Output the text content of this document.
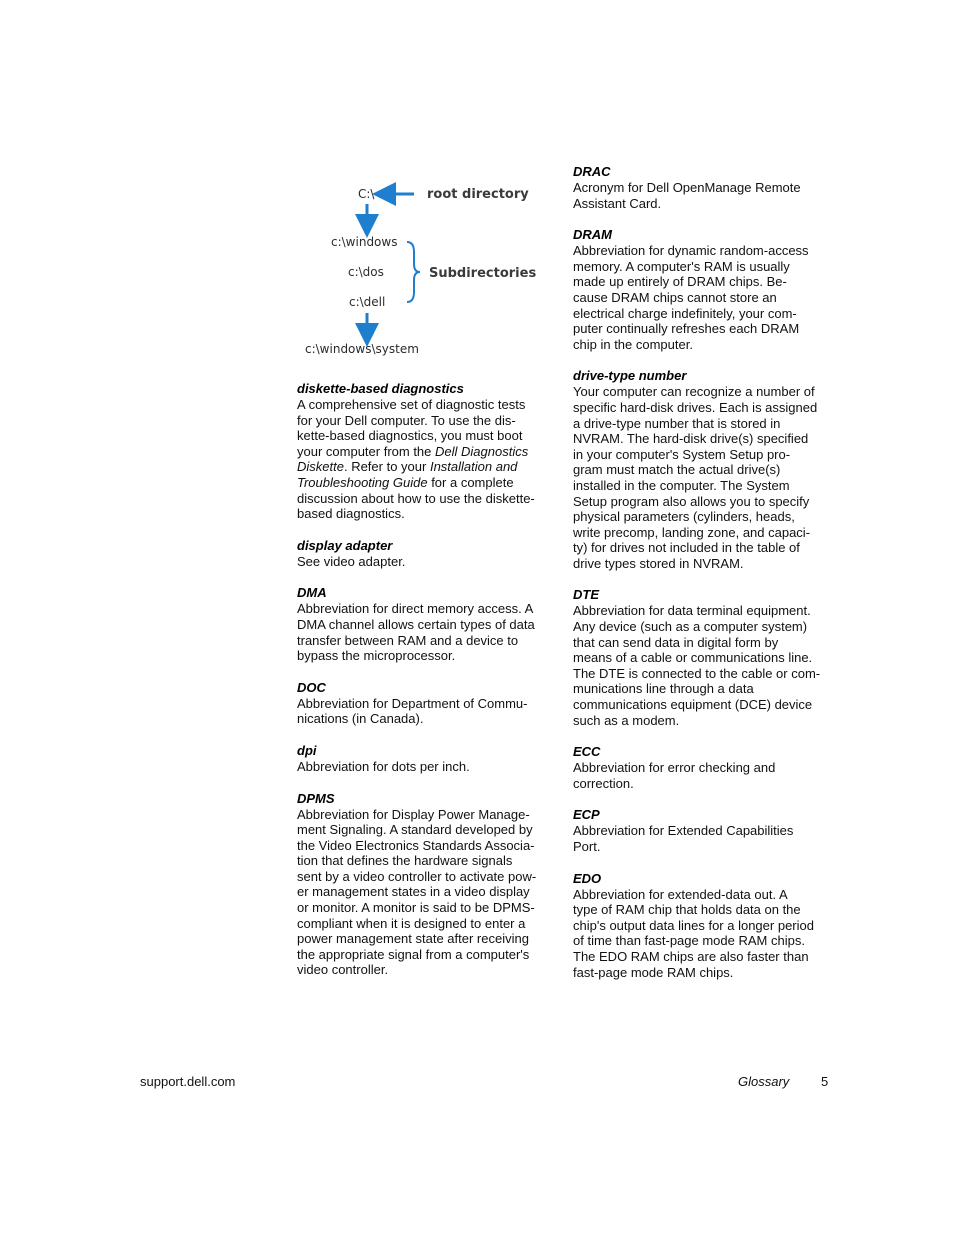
C:\	root directory
c:\windows
c:\dos
c:\dell
Subdirectories
c:\windows\system
diskette-based diagnostics
A comprehensive set of diagnostic tests
for your Dell computer. To use the dis-
kette-based diagnostics, you must boot
your computer from the Dell Diagnostics
Diskette. Refer to your Installation and
Troubleshooting Guide for a complete
discussion about how to use the diskette-
based diagnostics.
display adapter
See video adapter.
DMA
Abbreviation for direct memory access. A
DMA channel allows certain types of data
transfer between RAM and a device to
bypass the microprocessor.
DOC
Abbreviation for Department of Commu-
nications (in Canada).
dpi
Abbreviation for dots per inch.
DPMS
Abbreviation for Display Power Manage-
ment Signaling. A standard developed by
the Video Electronics Standards Associa-
tion that defines the hardware signals
sent by a video controller to activate pow-
er management states in a video display
or monitor. A monitor is said to be DPMS-
compliant when it is designed to enter a
power management state after receiving
the appropriate signal from a computer's
video controller.
DRAC
Acronym for Dell OpenManage Remote
Assistant Card.
DRAM
Abbreviation for dynamic random-access
memory. A computer's RAM is usually
made up entirely of DRAM chips. Be-
cause DRAM chips cannot store an
electrical charge indefinitely, your com-
puter continually refreshes each DRAM
chip in the computer.
drive-type number
Your computer can recognize a number of
specific hard-disk drives. Each is assigned
a drive-type number that is stored in
NVRAM. The hard-disk drive(s) specified
in your computer's System Setup pro-
gram must match the actual drive(s)
installed in the computer. The System
Setup program also allows you to specify
physical parameters (cylinders, heads,
write precomp, landing zone, and capaci-
ty) for drives not included in the table of
drive types stored in NVRAM.
DTE
Abbreviation for data terminal equipment.
Any device (such as a computer system)
that can send data in digital form by
means of a cable or communications line.
The DTE is connected to the cable or com-
munications line through a data
communications equipment (DCE) device
such as a modem.
ECC
Abbreviation for error checking and
correction.
ECP
Abbreviation for Extended Capabilities
Port.
EDO
Abbreviation for extended-data out. A
type of RAM chip that holds data on the
chip's output data lines for a longer period
of time than fast-page mode RAM chips.
The EDO RAM chips are also faster than
fast-page mode RAM chips.
support.dell.com	Glossary 5
